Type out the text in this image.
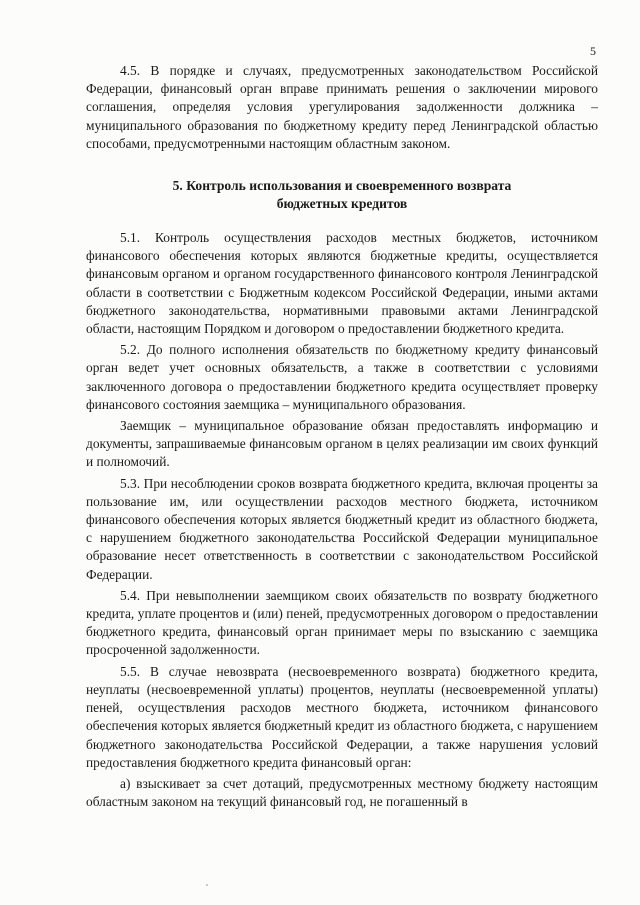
5

4.5. В порядке и случаях, предусмотренных законодательством Российской Федерации, финансовый орган вправе принимать решения о заключении мирового соглашения, определяя условия урегулирования задолженности должника – муниципального образования по бюджетному кредиту перед Ленинградской областью способами, предусмотренными настоящим областным законом.

5. Контроль использования и своевременного возврата
бюджетных кредитов

5.1. Контроль осуществления расходов местных бюджетов, источником финансового обеспечения которых являются бюджетные кредиты, осуществляется финансовым органом и органом государственного финансового контроля Ленинградской области в соответствии с Бюджетным кодексом Российской Федерации, иными актами бюджетного законодательства, нормативными правовыми актами Ленинградской области, настоящим Порядком и договором о предоставлении бюджетного кредита.

5.2. До полного исполнения обязательств по бюджетному кредиту финансовый орган ведет учет основных обязательств, а также в соответствии с условиями заключенного договора о предоставлении бюджетного кредита осуществляет проверку финансового состояния заемщика – муниципального образования.

Заемщик – муниципальное образование обязан предоставлять информацию и документы, запрашиваемые финансовым органом в целях реализации им своих функций и полномочий.

5.3. При несоблюдении сроков возврата бюджетного кредита, включая проценты за пользование им, или осуществлении расходов местного бюджета, источником финансового обеспечения которых является бюджетный кредит из областного бюджета, с нарушением бюджетного законодательства Российской Федерации муниципальное образование несет ответственность в соответствии с законодательством Российской Федерации.

5.4. При невыполнении заемщиком своих обязательств по возврату бюджетного кредита, уплате процентов и (или) пеней, предусмотренных договором о предоставлении бюджетного кредита, финансовый орган принимает меры по взысканию с заемщика просроченной задолженности.

5.5. В случае невозврата (несвоевременного возврата) бюджетного кредита, неуплаты (несвоевременной уплаты) процентов, неуплаты (несвоевременной уплаты) пеней, осуществления расходов местного бюджета, источником финансового обеспечения которых является бюджетный кредит из областного бюджета, с нарушением бюджетного законодательства Российской Федерации, а также нарушения условий предоставления бюджетного кредита финансовый орган:

а) взыскивает за счет дотаций, предусмотренных местному бюджету настоящим областным законом на текущий финансовый год, не погашенный в
